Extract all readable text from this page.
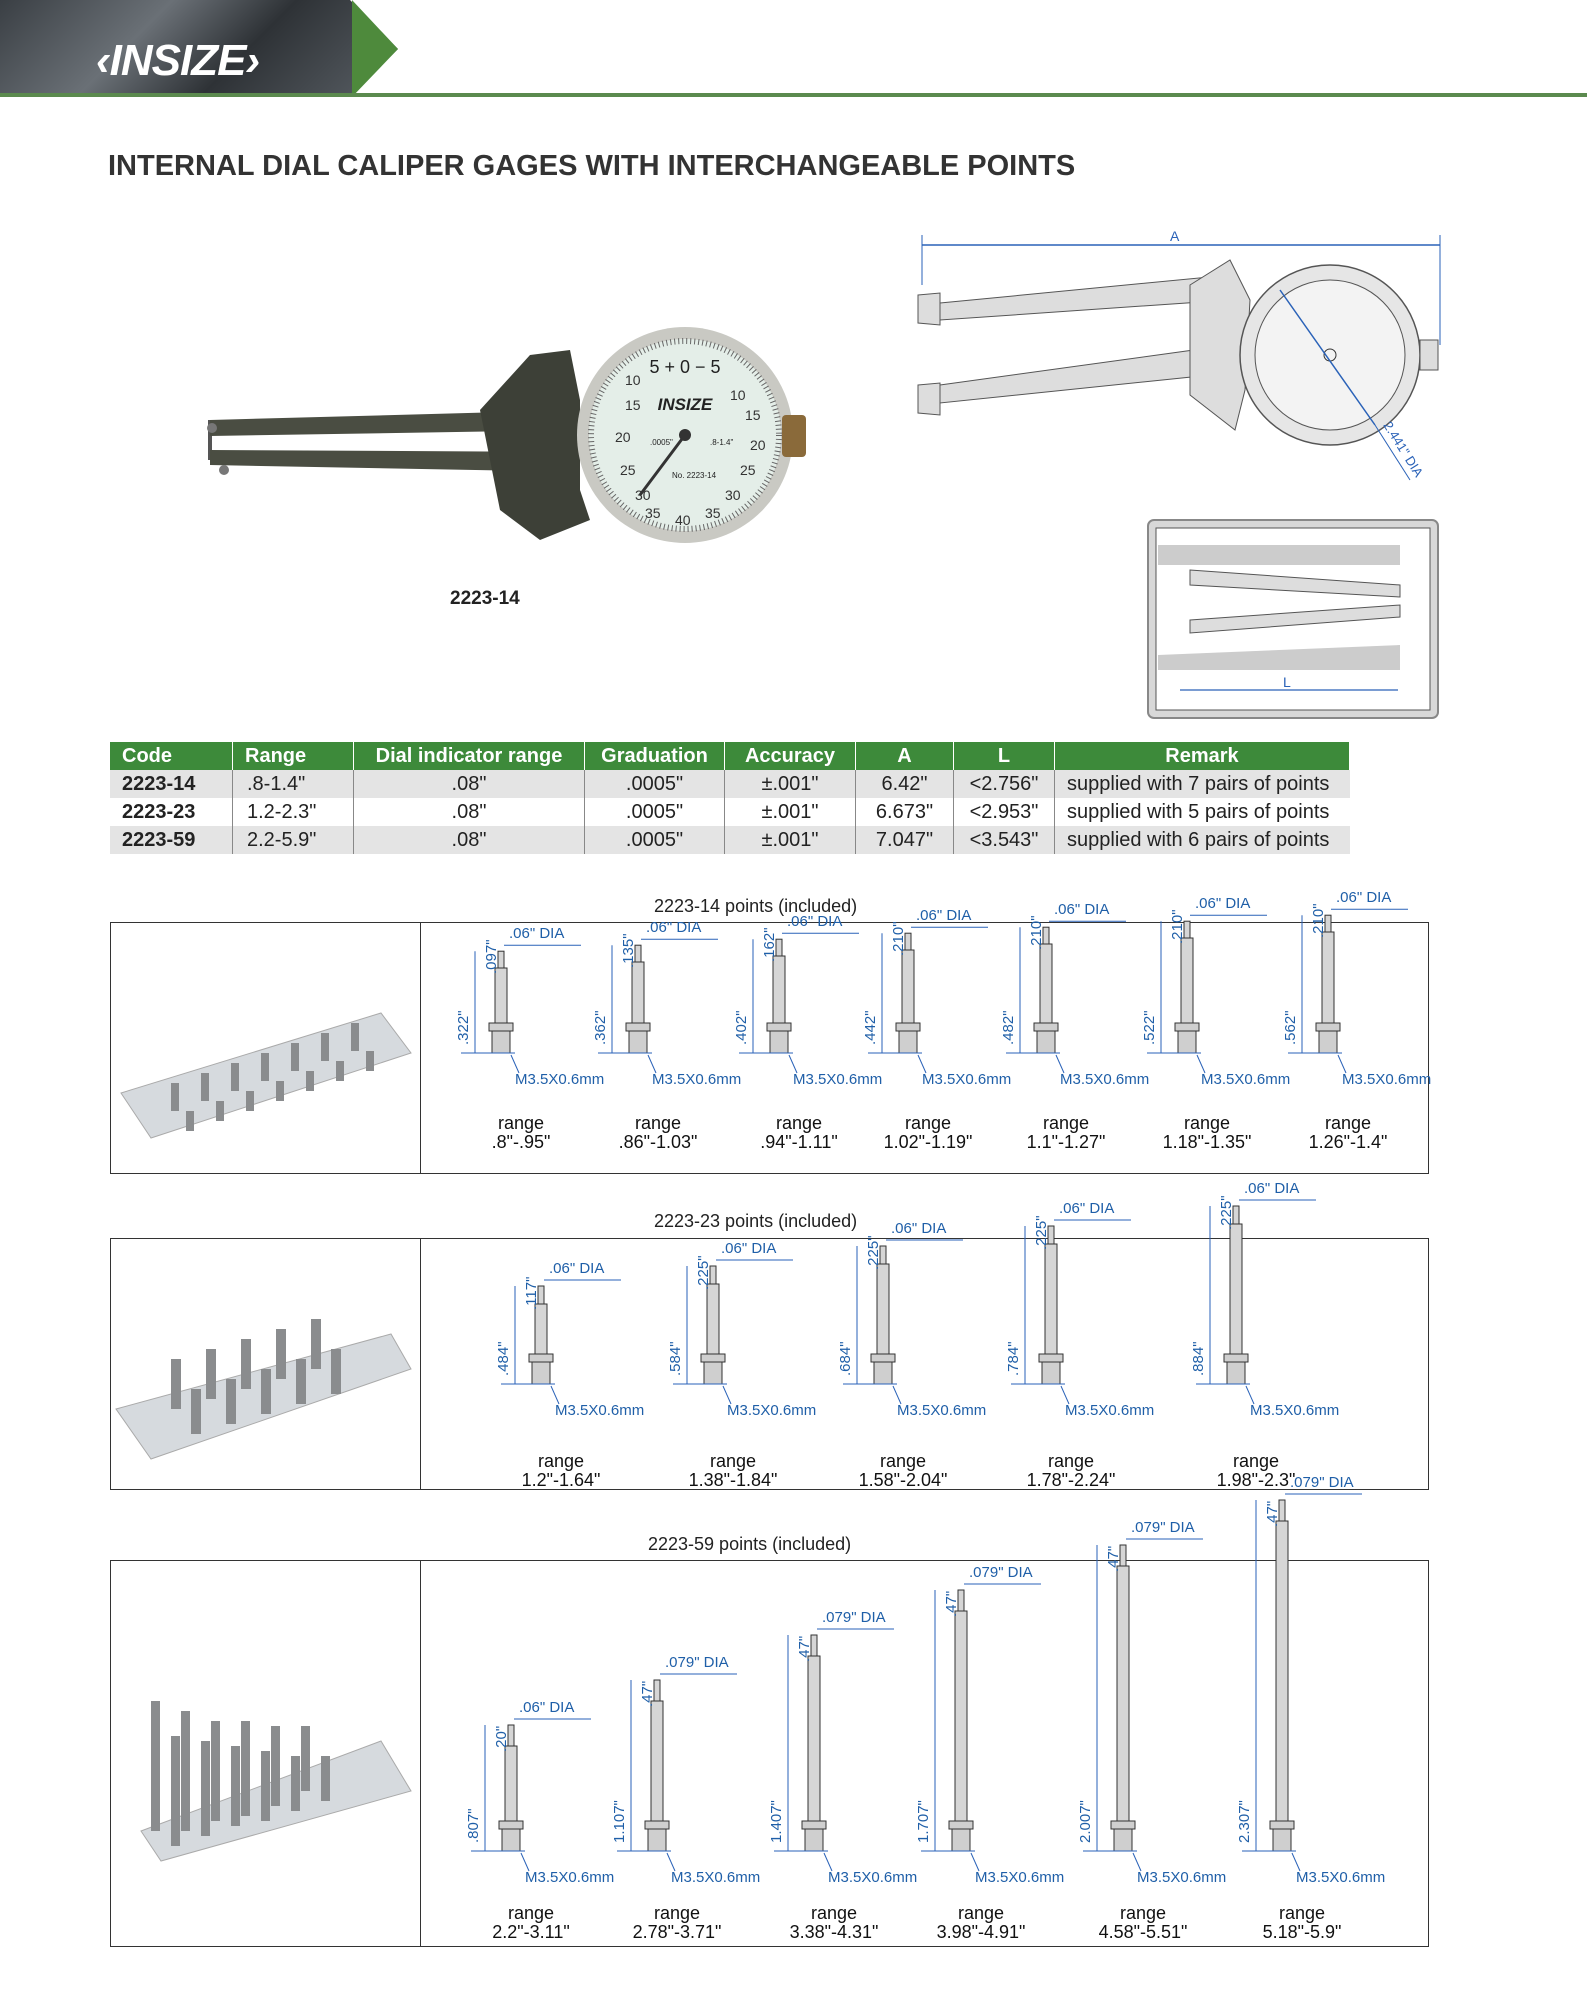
‹INSIZE›
INTERNAL DIAL CALIPER GAGES WITH INTERCHANGEABLE POINTS
5 + 0 − 5
INSIZE
.0005"	.8-1.4"
No. 2223-14
15
20
25
30
35 40 35
30
25
20
15
10
10
2223-14
A
2.441" DIA
L
Code	Range	Dial indicator range	Graduation	Accuracy	A	L	Remark
2223-14	.8-1.4"	.08"	.0005"	±.001"	6.42"	<2.756"	supplied with 7 pairs of points
2223-23	1.2-2.3"	.08"	.0005"	±.001"	6.673"	<2.953"	supplied with 5 pairs of points
2223-59	2.2-5.9"	.08"	.0005"	±.001"	7.047"	<3.543"	supplied with 6 pairs of points
2223-14 points (included)
.322"
.097"
.06" DIA
M3.5X0.6mm
range
.8"-.95"
.362"
.135"
.06" DIA
M3.5X0.6mm
range
.86"-1.03"
.402"
.162"
.06" DIA
M3.5X0.6mm
range
.94"-1.11"
.442"
.210"
.06" DIA
M3.5X0.6mm
range
1.02"-1.19"
.482"
.210"
.06" DIA
M3.5X0.6mm
range
1.1"-1.27"
.522"
.210"
.06" DIA
M3.5X0.6mm
range
1.18"-1.35"
.562"
.210"
.06" DIA
M3.5X0.6mm
range
1.26"-1.4"
2223-23 points (included)
.484"
.117"
.06" DIA
M3.5X0.6mm
range
1.2"-1.64"
.584"
.225"
.06" DIA
M3.5X0.6mm
range
1.38"-1.84"
.684"
.225"
.06" DIA
M3.5X0.6mm
range
1.58"-2.04"
.784"
.225"
.06" DIA
M3.5X0.6mm
range
1.78"-2.24"
.884"
.225"
.06" DIA
M3.5X0.6mm
range
1.98"-2.3"
2223-59 points (included)
.807"
.20"
.06" DIA
M3.5X0.6mm
range
2.2"-3.11"
1.107"
.47"
.079" DIA
M3.5X0.6mm
range
2.78"-3.71"
1.407"
.47"
.079" DIA
M3.5X0.6mm
range
3.38"-4.31"
1.707"
.47"
.079" DIA
M3.5X0.6mm
range
3.98"-4.91"
2.007"
.47"
.079" DIA
M3.5X0.6mm
range
4.58"-5.51"
2.307"
.47"
.079" DIA
M3.5X0.6mm
range
5.18"-5.9"
